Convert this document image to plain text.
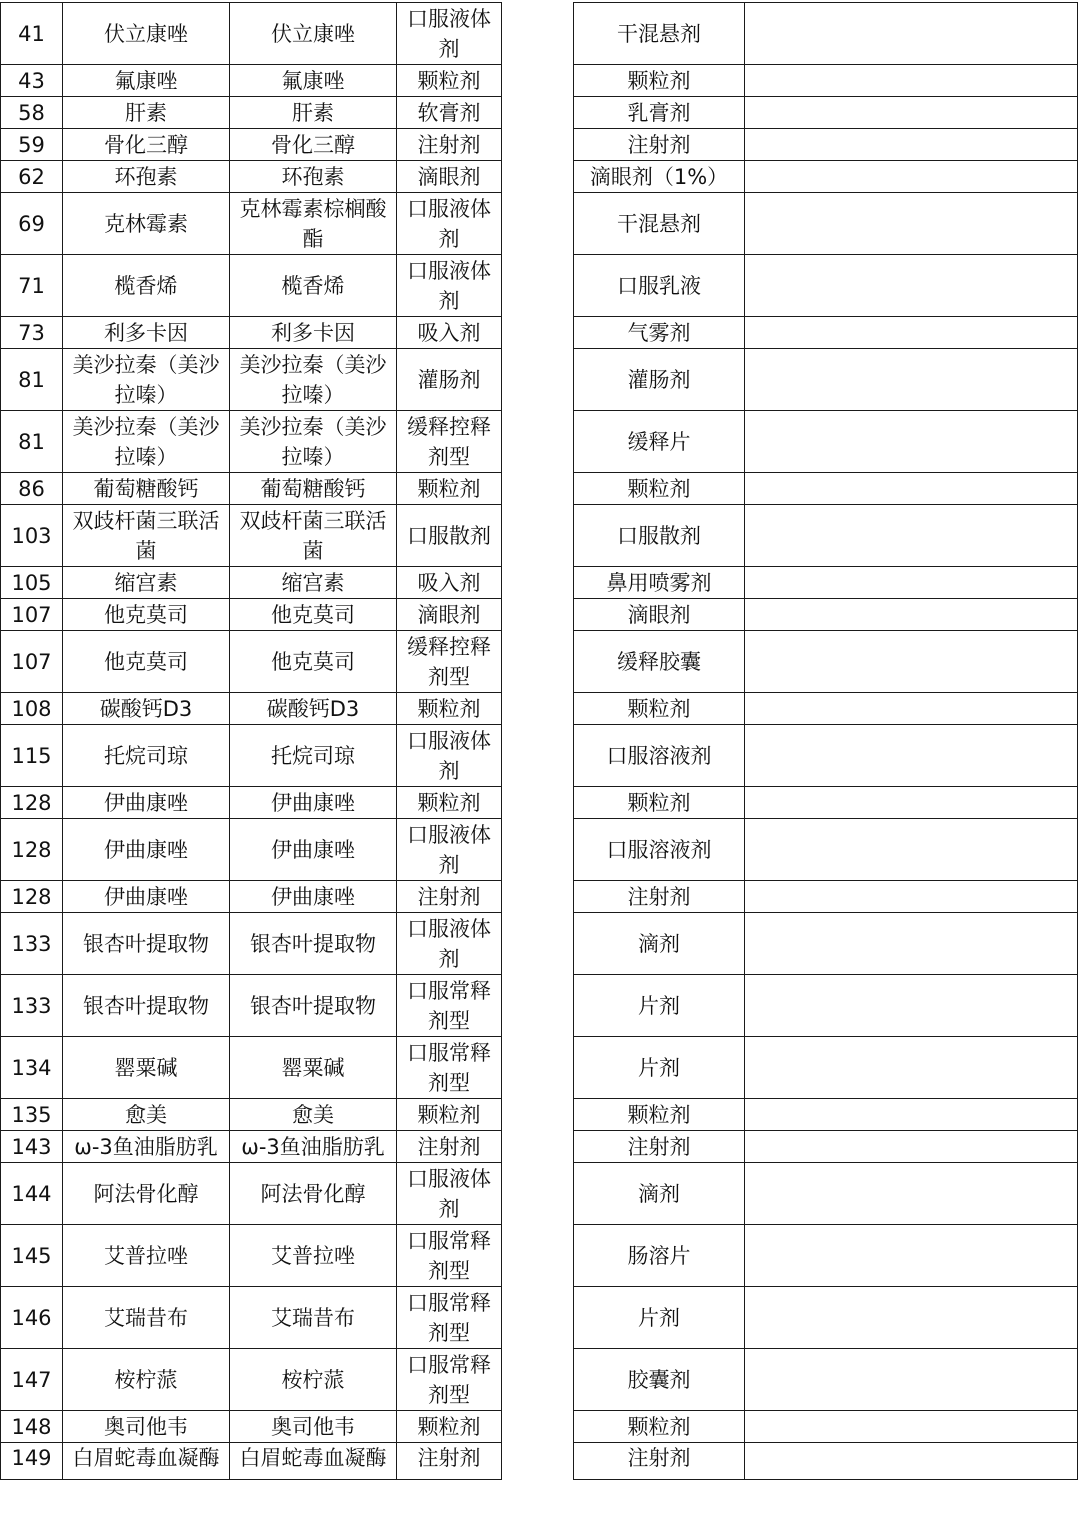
41	伏立康唑	伏立康唑	口服液体剂		干混悬剂	
43	氟康唑	氟康唑	颗粒剂		颗粒剂	
58	肝素	肝素	软膏剂		乳膏剂	
59	骨化三醇	骨化三醇	注射剂		注射剂	
62	环孢素	环孢素	滴眼剂		滴眼剂（1%）	
69	克林霉素	克林霉素棕榈酸酯	口服液体剂		干混悬剂	
71	榄香烯	榄香烯	口服液体剂		口服乳液	
73	利多卡因	利多卡因	吸入剂		气雾剂	
81	美沙拉秦（美沙拉嗪）	美沙拉秦（美沙拉嗪）	灌肠剂		灌肠剂	
81	美沙拉秦（美沙拉嗪）	美沙拉秦（美沙拉嗪）	缓释控释剂型		缓释片	
86	葡萄糖酸钙	葡萄糖酸钙	颗粒剂		颗粒剂	
103	双歧杆菌三联活菌	双歧杆菌三联活菌	口服散剂		口服散剂	
105	缩宫素	缩宫素	吸入剂		鼻用喷雾剂	
107	他克莫司	他克莫司	滴眼剂		滴眼剂	
107	他克莫司	他克莫司	缓释控释剂型		缓释胶囊	
108	碳酸钙D3	碳酸钙D3	颗粒剂		颗粒剂	
115	托烷司琼	托烷司琼	口服液体剂		口服溶液剂	
128	伊曲康唑	伊曲康唑	颗粒剂		颗粒剂	
128	伊曲康唑	伊曲康唑	口服液体剂		口服溶液剂	
128	伊曲康唑	伊曲康唑	注射剂		注射剂	
133	银杏叶提取物	银杏叶提取物	口服液体剂		滴剂	
133	银杏叶提取物	银杏叶提取物	口服常释剂型		片剂	
134	罂粟碱	罂粟碱	口服常释剂型		片剂	
135	愈美	愈美	颗粒剂		颗粒剂	
143	ω-3鱼油脂肪乳	ω-3鱼油脂肪乳	注射剂		注射剂	
144	阿法骨化醇	阿法骨化醇	口服液体剂		滴剂	
145	艾普拉唑	艾普拉唑	口服常释剂型		肠溶片	
146	艾瑞昔布	艾瑞昔布	口服常释剂型		片剂	
147	桉柠蒎	桉柠蒎	口服常释剂型		胶囊剂	
148	奥司他韦	奥司他韦	颗粒剂		颗粒剂	
149	白眉蛇毒血凝酶	白眉蛇毒血凝酶	注射剂		注射剂	
